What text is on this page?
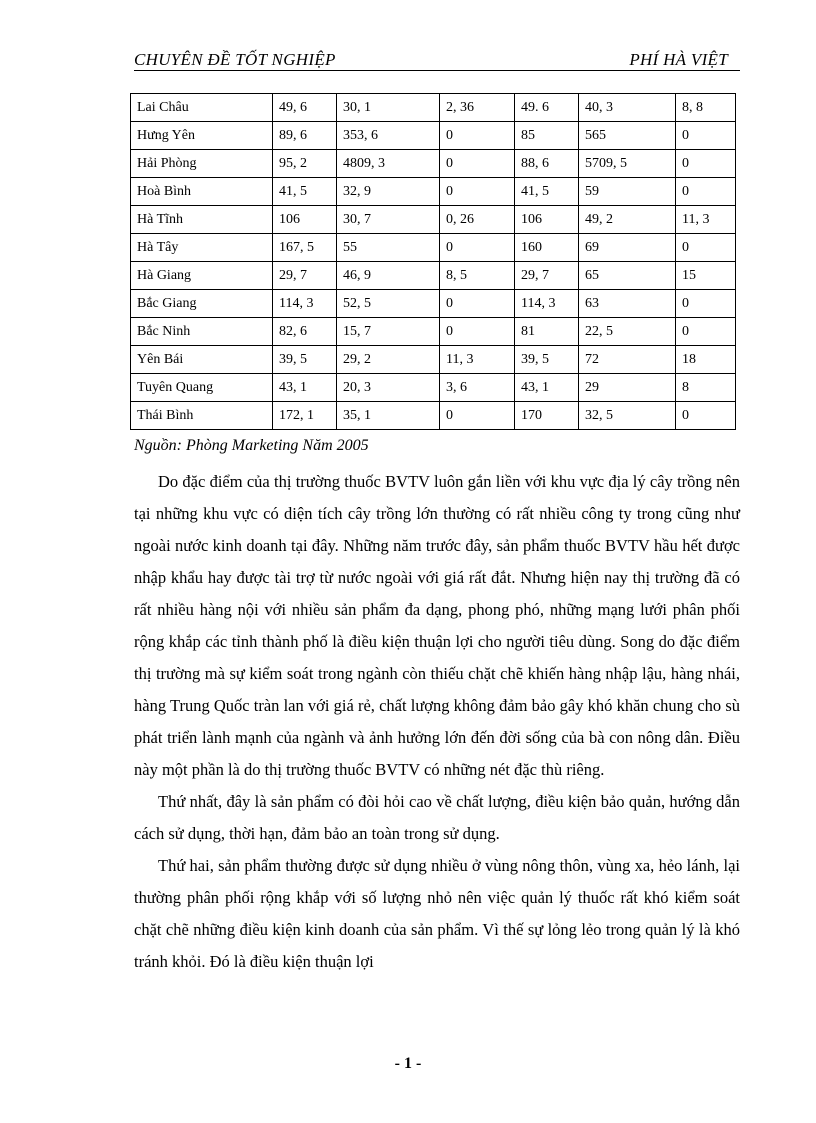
CHUYÊN ĐỀ TỐT NGHIỆP	PHÍ HÀ VIỆT
Lai Châu	49, 6	30, 1	2, 36	49. 6	40, 3	8, 8
Hưng Yên	89, 6	353, 6	0	85	565	0
Hải Phòng	95, 2	4809, 3	0	88, 6	5709, 5	0
Hoà Bình	41, 5	32, 9	0	41, 5	59	0
Hà Tĩnh	106	30, 7	0, 26	106	49, 2	11, 3
Hà Tây	167, 5	55	0	160	69	0
Hà Giang	29, 7	46, 9	8, 5	29, 7	65	15
Bắc Giang	114, 3	52, 5	0	114, 3	63	0
Bắc Ninh	82, 6	15, 7	0	81	22, 5	0
Yên Bái	39, 5	29, 2	11, 3	39, 5	72	18
Tuyên Quang	43, 1	20, 3	3, 6	43, 1	29	8
Thái Bình	172, 1	35, 1	0	170	32, 5	0
Nguồn: Phòng Marketing Năm 2005

Do đặc điểm của thị trường thuốc BVTV luôn gắn liền với khu vực địa lý cây trồng nên tại những khu vực có diện tích cây trồng lớn thường có rất nhiều công ty trong cũng như ngoài nước kinh doanh tại đây. Những năm trước đây, sản phẩm thuốc BVTV hầu hết được nhập khẩu hay được tài trợ từ nước ngoài với giá rất đắt. Nhưng hiện nay thị trường đã có rất nhiều hàng nội với nhiều sản phẩm đa dạng, phong phó, những mạng lưới phân phối rộng khắp các tỉnh thành phố là điều kiện thuận lợi cho người tiêu dùng. Song do đặc điểm thị trường mà sự kiểm soát trong ngành còn thiếu chặt chẽ khiến hàng nhập lậu, hàng nhái, hàng Trung Quốc tràn lan với giá rẻ, chất lượng không đảm bảo gây khó khăn chung cho sù phát triển lành mạnh của ngành và ảnh hưởng lớn đến đời sống của bà con nông dân. Điều này một phần là do thị trường thuốc BVTV có những nét đặc thù riêng.

Thứ nhất, đây là sản phẩm có đòi hỏi cao về chất lượng, điều kiện bảo quản, hướng dẫn cách sử dụng, thời hạn, đảm bảo an toàn trong sử dụng.

Thứ hai, sản phẩm thường được sử dụng nhiều ở vùng nông thôn, vùng xa, hẻo lánh, lại thường phân phối rộng khắp với số lượng nhỏ nên việc quản lý thuốc rất khó kiểm soát chặt chẽ những điều kiện kinh doanh của sản phẩm. Vì thế sự lỏng lẻo trong quản lý là khó tránh khỏi. Đó là điều kiện thuận lợi

- 1 -
